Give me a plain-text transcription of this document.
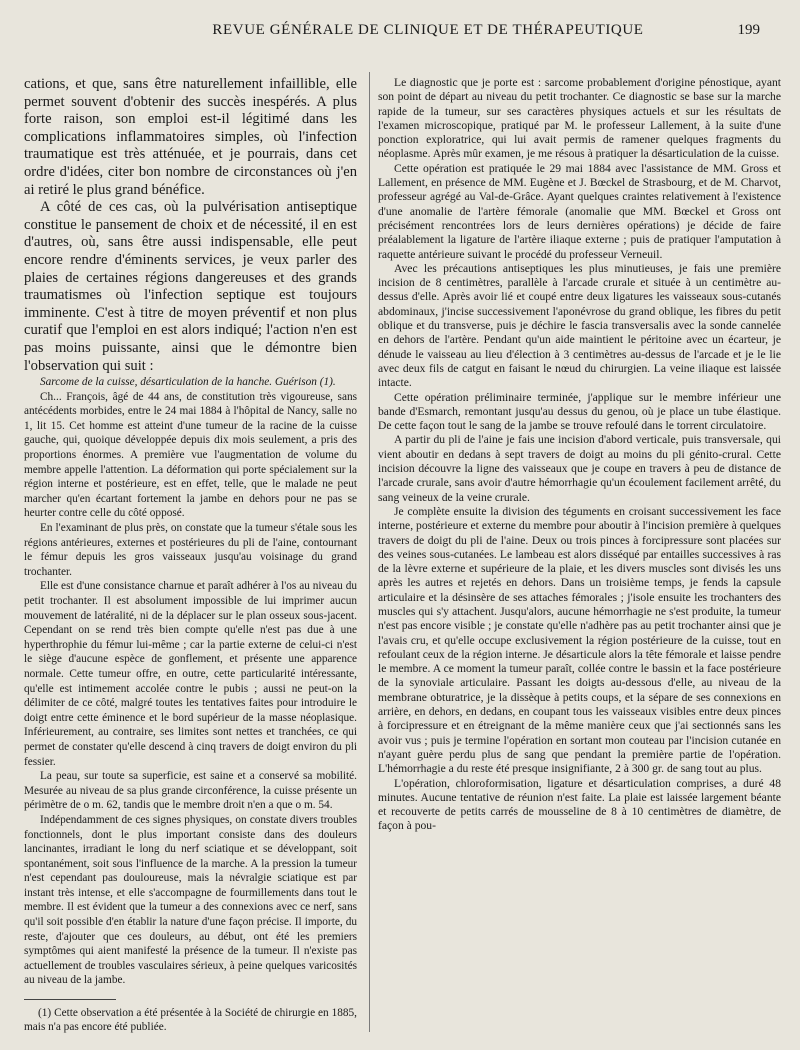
REVUE GÉNÉRALE DE CLINIQUE ET DE THÉRAPEUTIQUE	199

cations, et que, sans être naturellement infaillible, elle permet souvent d'obtenir des succès inespérés. A plus forte raison, son emploi est-il légitimé dans les complications inflammatoires simples, où l'infection traumatique est très atténuée, et je pourrais, dans cet ordre d'idées, citer bon nombre de circonstances où j'en ai retiré le plus grand bénéfice.

A côté de ces cas, où la pulvérisation antiseptique constitue le pansement de choix et de nécessité, il en est d'autres, où, sans être aussi indispensable, elle peut encore rendre d'éminents services, je veux parler des plaies de certaines régions dangereuses et des grands traumatismes où l'infection septique est toujours imminente. C'est à titre de moyen préventif et non plus curatif que l'emploi en est alors indiqué; l'action n'en est pas moins puissante, ainsi que le démontre bien l'observation qui suit :

Sarcome de la cuisse, désarticulation de la hanche. Guérison (1).

Ch... François, âgé de 44 ans, de constitution très vigoureuse, sans antécédents morbides, entre le 24 mai 1884 à l'hôpital de Nancy, salle no 1, lit 15. Cet homme est atteint d'une tumeur de la racine de la cuisse gauche, qui, quoique développée depuis dix mois seulement, a pris des proportions énormes. A première vue l'augmentation de volume du membre appelle l'attention. La déformation qui porte spécialement sur la région interne et postérieure, est en effet, telle, que le malade ne peut marcher qu'en écartant fortement la jambe en dehors pour ne pas se heurter contre celle du côté opposé.

En l'examinant de plus près, on constate que la tumeur s'étale sous les régions antérieures, externes et postérieures du pli de l'aine, contournant le fémur depuis les gros vaisseaux jusqu'au voisinage du grand trochanter.

Elle est d'une consistance charnue et paraît adhérer à l'os au niveau du petit trochanter. Il est absolument impossible de lui imprimer aucun mouvement de latéralité, ni de la déplacer sur le plan osseux sous-jacent. Cependant on se rend très bien compte qu'elle n'est pas due à une hyperthrophie du fémur lui-même ; car la partie externe de celui-ci n'est le siège d'aucune espèce de gonflement, et présente une apparence normale. Cette tumeur offre, en outre, cette particularité intéressante, qu'elle est intimement accolée contre le pubis ; aussi ne peut-on la délimiter de ce côté, malgré toutes les tentatives faites pour introduire le doigt entre cette éminence et le bord supérieur de la masse néoplasique. Inférieurement, au contraire, ses limites sont nettes et tranchées, ce qui permet de constater qu'elle descend à cinq travers de doigt environ du pli fessier.

La peau, sur toute sa superficie, est saine et a conservé sa mobilité. Mesurée au niveau de sa plus grande circonférence, la cuisse présente un périmètre de o m. 62, tandis que le membre droit n'en a que o m. 54.

Indépendamment de ces signes physiques, on constate divers troubles fonctionnels, dont le plus important consiste dans des douleurs lancinantes, irradiant le long du nerf sciatique et se développant, soit spontanément, soit sous l'influence de la marche. A la pression la tumeur n'est cependant pas douloureuse, mais la névralgie sciatique est par instant très intense, et elle s'accompagne de fourmillements dans tout le membre. Il est évident que la tumeur a des connexions avec ce nerf, sans qu'il soit possible d'en établir la nature d'une façon précise. Il importe, du reste, d'ajouter que ces douleurs, au début, ont été les premiers symptômes qui aient manifesté la présence de la tumeur. Il n'existe pas actuellement de troubles vasculaires sérieux, à peine quelques varicosités au niveau de la jambe.

(1) Cette observation a été présentée à la Société de chirurgie en 1885, mais n'a pas encore été publiée.

Le diagnostic que je porte est : sarcome probablement d'origine pénostique, ayant son point de départ au niveau du petit trochanter. Ce diagnostic se base sur la marche rapide de la tumeur, sur ses caractères physiques actuels et sur les résultats de l'examen microscopique, pratiqué par M. le professeur Lallement, à la suite d'une ponction exploratrice, qui lui avait permis de ramener quelques fragments du néoplasme. Après mûr examen, je me résous à pratiquer la désarticulation de la cuisse.

Cette opération est pratiquée le 29 mai 1884 avec l'assistance de MM. Gross et Lallement, en présence de MM. Eugène et J. Bœckel de Strasbourg, et de M. Charvot, professeur agrégé au Val-de-Grâce. Ayant quelques craintes relativement à l'existence d'une anomalie de l'artère fémorale (anomalie que MM. Bœckel et Gross ont précisément rencontrées lors de leurs dernières opérations) je décide de faire préalablement la ligature de l'artère iliaque externe ; puis de pratiquer l'amputation à raquette antérieure suivant le procédé du professeur Verneuil.

Avec les précautions antiseptiques les plus minutieuses, je fais une première incision de 8 centimètres, parallèle à l'arcade crurale et située à un centimètre au-dessus d'elle. Après avoir lié et coupé entre deux ligatures les vaisseaux sous-cutanés abdominaux, j'incise successivement l'aponévrose du grand oblique, les fibres du petit oblique et du transverse, puis je déchire le fascia transversalis avec la sonde cannelée en dehors de l'artère. Pendant qu'un aide maintient le péritoine avec un écarteur, je dénude le vaisseau au lieu d'élection à 3 centimètres au-dessus de l'arcade et je le lie avec deux fils de catgut en faisant le nœud du chirurgien. La veine iliaque est laissée intacte.

Cette opération préliminaire terminée, j'applique sur le membre inférieur une bande d'Esmarch, remontant jusqu'au dessus du genou, où je place un tube élastique. De cette façon tout le sang de la jambe se trouve refoulé dans le torrent circulatoire.

A partir du pli de l'aine je fais une incision d'abord verticale, puis transversale, qui vient aboutir en dedans à sept travers de doigt au moins du pli génito-crural. Cette incision découvre la ligne des vaisseaux que je coupe en travers à peu de distance de l'arcade crurale, sans avoir d'autre hémorrhagie qu'un écoulement facilement arrêté, du sang veineux de la veine crurale.

Je complète ensuite la division des téguments en croisant successivement les face interne, postérieure et externe du membre pour aboutir à l'incision première à quelques travers de doigt du pli de l'aine. Deux ou trois pinces à forcipressure sont placées sur des veines sous-cutanées. Le lambeau est alors disséqué par entailles successives à ras de la lèvre externe et supérieure de la plaie, et les divers muscles sont divisés les uns après les autres et rejetés en dehors. Dans un troisième temps, je fends la capsule articulaire et la désinsère de ses attaches fémorales ; j'isole ensuite les trochanters des muscles qui s'y attachent. Jusqu'alors, aucune hémorrhagie ne s'est produite, la tumeur n'est pas encore visible ; je constate qu'elle n'adhère pas au petit trochanter ainsi que je l'avais cru, et qu'elle occupe exclusivement la région postérieure de la cuisse, tout en refoulant ceux de la région interne. Je désarticule alors la tête fémorale et laisse pendre le membre. A ce moment la tumeur paraît, collée contre le bassin et la face postérieure de la synoviale articulaire. Passant les doigts au-dessous d'elle, au niveau de la membrane obturatrice, je la dissèque à petits coups, et la sépare de ses connexions en arrière, en dehors, en dedans, en coupant tous les vaisseaux visibles entre deux pinces à forcipressure et en étreignant de la même manière ceux que j'ai sectionnés sans les avoir vus ; puis je termine l'opération en sortant mon couteau par l'incision cutanée en n'ayant guère perdu plus de sang que pendant la première partie de l'opération. L'hémorrhagie a du reste été presque insignifiante, 2 à 300 gr. de sang tout au plus.

L'opération, chloroformisation, ligature et désarticulation comprises, a duré 48 minutes. Aucune tentative de réunion n'est faite. La plaie est laissée largement béante et recouverte de petits carrés de mousseline de 8 à 10 centimètres de diamètre, de façon à pou-
